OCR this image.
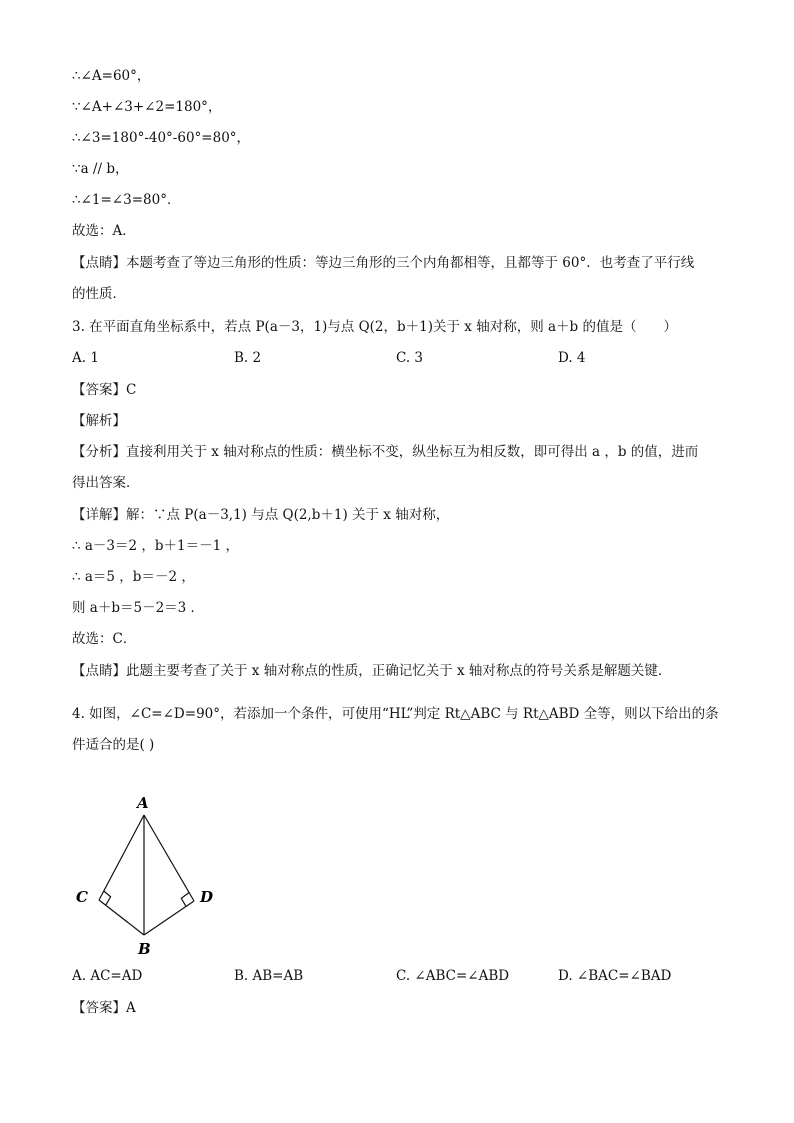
∴∠A=60°，
∵∠A+∠3+∠2=180°，
∴∠3=180°-40°-60°=80°，
∵a // b，
∴∠1=∠3=80°．
故选：A．
【点睛】本题考查了等边三角形的性质：等边三角形的三个内角都相等，且都等于 60°．也考查了平行线
的性质．
3. 在平面直角坐标系中，若点 P(a－3，1)与点 Q(2，b＋1)关于 x 轴对称，则 a＋b 的值是（　　）
A. 1	B. 2	C. 3	D. 4
【答案】C
【解析】
【分析】直接利用关于 x 轴对称点的性质：横坐标不变，纵坐标互为相反数，即可得出 a ，b 的值，进而
得出答案．
【详解】解：∵点 P(a－3,1) 与点 Q(2,b＋1) 关于 x 轴对称，
∴ a－3＝2 ，b＋1＝－1 ，
∴ a＝5 ，b＝－2 ，
则 a＋b＝5－2＝3 ．
故选：C．
【点睛】此题主要考查了关于 x 轴对称点的性质，正确记忆关于 x 轴对称点的符号关系是解题关键．
4. 如图，∠C=∠D=90°，若添加一个条件，可使用“HL”判定 Rt△ABC 与 Rt△ABD 全等，则以下给出的条
件适合的是( )
A
B
C	D
A. AC=AD	B. AB=AB	C. ∠ABC=∠ABD	D. ∠BAC=∠BAD
【答案】A
